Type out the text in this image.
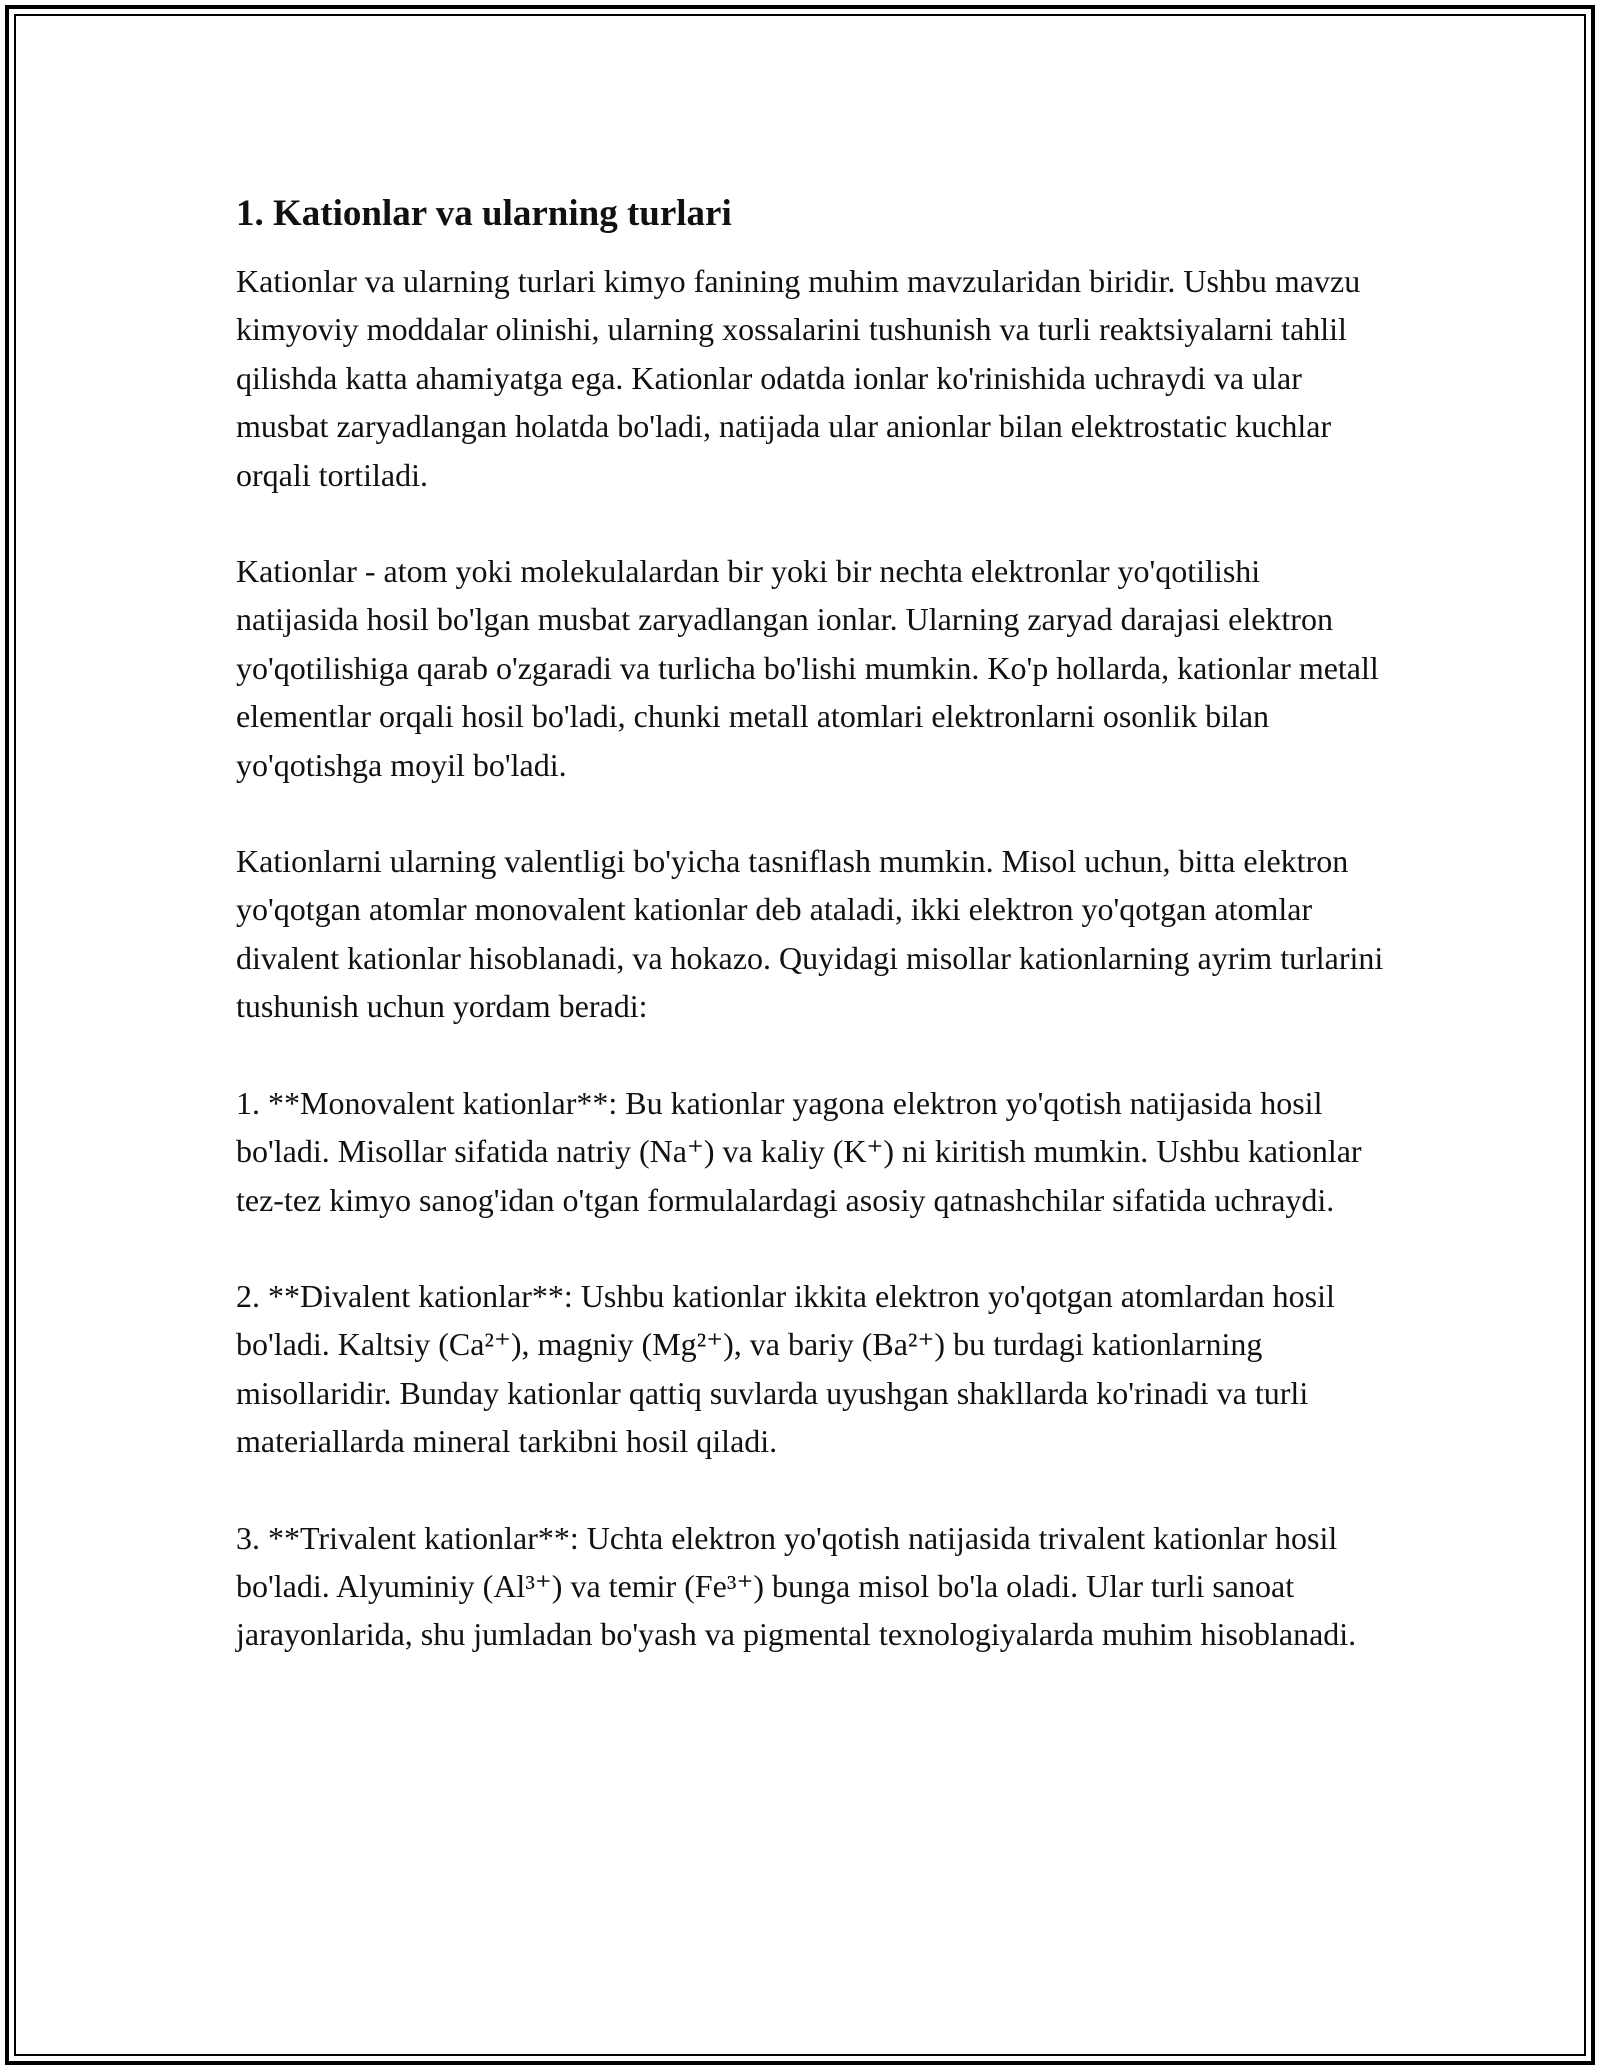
1. Kationlar va ularning turlari

Kationlar va ularning turlari kimyo fanining muhim mavzularidan biridir. Ushbu mavzu kimyoviy moddalar olinishi, ularning xossalarini tushunish va turli reaktsiyalarni tahlil qilishda katta ahamiyatga ega. Kationlar odatda ionlar ko'rinishida uchraydi va ular musbat zaryadlangan holatda bo'ladi, natijada ular anionlar bilan elektrostatic kuchlar orqali tortiladi.

Kationlar - atom yoki molekulalardan bir yoki bir nechta elektronlar yo'qotilishi natijasida hosil bo'lgan musbat zaryadlangan ionlar. Ularning zaryad darajasi elektron yo'qotilishiga qarab o'zgaradi va turlicha bo'lishi mumkin. Ko'p hollarda, kationlar metall elementlar orqali hosil bo'ladi, chunki metall atomlari elektronlarni osonlik bilan yo'qotishga moyil bo'ladi.

Kationlarni ularning valentligi bo'yicha tasniflash mumkin. Misol uchun, bitta elektron yo'qotgan atomlar monovalent kationlar deb ataladi, ikki elektron yo'qotgan atomlar divalent kationlar hisoblanadi, va hokazo. Quyidagi misollar kationlarning ayrim turlarini tushunish uchun yordam beradi:

1. **Monovalent kationlar**: Bu kationlar yagona elektron yo'qotish natijasida hosil bo'ladi. Misollar sifatida natriy (Na⁺) va kaliy (K⁺) ni kiritish mumkin. Ushbu kationlar tez-tez kimyo sanog'idan o'tgan formulalardagi asosiy qatnashchilar sifatida uchraydi.

2. **Divalent kationlar**: Ushbu kationlar ikkita elektron yo'qotgan atomlardan hosil bo'ladi. Kaltsiy (Ca²⁺), magniy (Mg²⁺), va bariy (Ba²⁺) bu turdagi kationlarning misollaridir. Bunday kationlar qattiq suvlarda uyushgan shakllarda ko'rinadi va turli materiallarda mineral tarkibni hosil qiladi.

3. **Trivalent kationlar**: Uchta elektron yo'qotish natijasida trivalent kationlar hosil bo'ladi. Alyuminiy (Al³⁺) va temir (Fe³⁺) bunga misol bo'la oladi. Ular turli sanoat jarayonlarida, shu jumladan bo'yash va pigmental texnologiyalarda muhim hisoblanadi.
